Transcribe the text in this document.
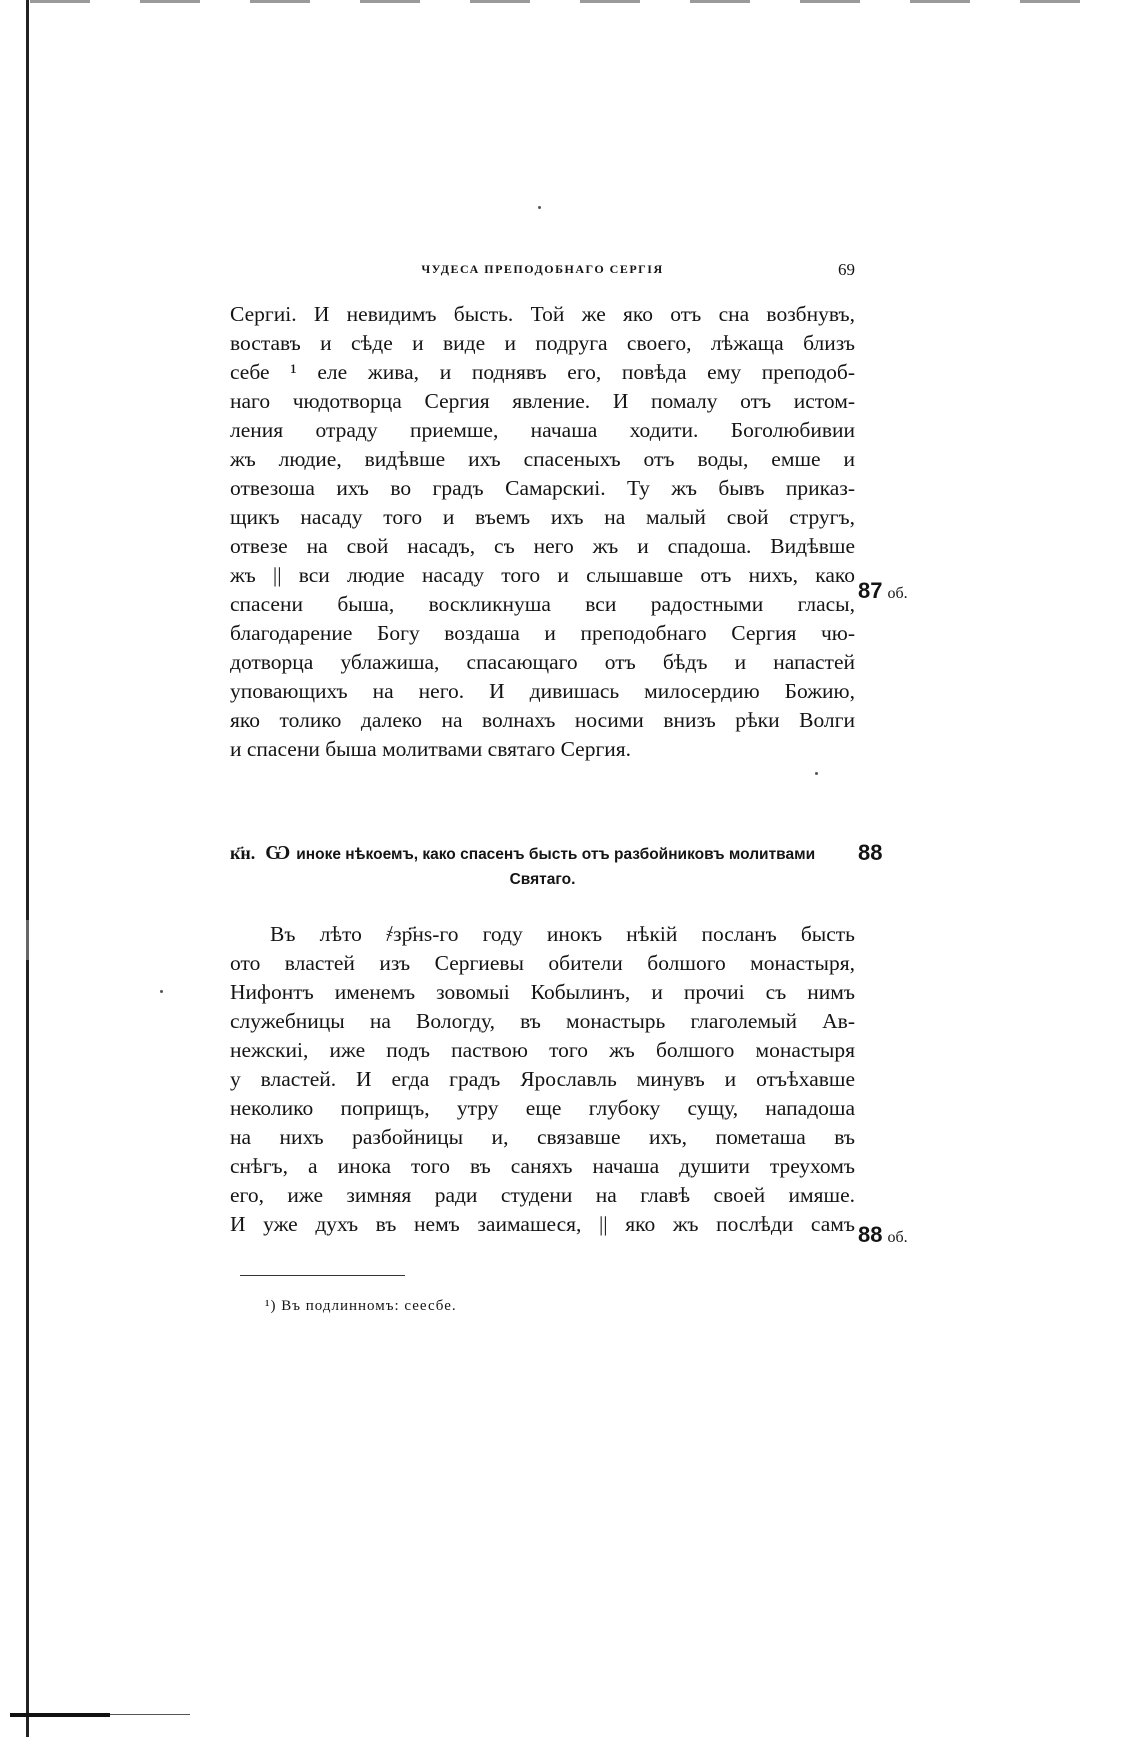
ЧУДЕСА ПРЕПОДОБНАГО СЕРГІЯ	69
Сергиі. И невидимъ бысть. Той же яко отъ сна возбнувъ,
воставъ и сѣде и виде и подруга своего, лѣжаща близъ
себе ¹ еле жива, и поднявъ его, повѣда ему преподоб-
наго чюдотворца Сергия явление. И помалу отъ истом-
ления отраду приемше, начаша ходити. Боголюбивии
жъ людие, видѣвше ихъ спасеныхъ отъ воды, емше и
отвезоша ихъ во градъ Самарскиі. Ту жъ бывъ приказ-
щикъ насаду того и въемъ ихъ на малый свой стругъ,
отвезе на свой насадъ, съ него жъ и спадоша. Видѣвше
жъ || вси людие насаду того и слышавше отъ нихъ, како
спасени быша, воскликнуша вси радостными гласы,
благодарение Богу воздаша и преподобнаго Сергия чю-
дотворца ублажиша, спасающаго отъ бѣдъ и напастей
уповающихъ на него. И дивишась милосердию Божию,
яко толико далеко на волнахъ носими внизъ рѣки Волги
и спасени быша молитвами святаго Сергия.
87 об.
к҃н. Ѡ иноке нѣкоемъ, како спасенъ бысть отъ разбойниковъ молитвами
Святаго.
88
Въ лѣто ҂зр҃нѕ-го году инокъ нѣкій посланъ бысть
ото властей изъ Сергиевы обители болшого монастыря,
Нифонтъ именемъ зовомыі Кобылинъ, и прочиі съ нимъ
служебницы на Вологду, въ монастырь глаголемый Ав-
нежскиі, иже подъ паствою того жъ болшого монастыря
у властей. И егда градъ Ярославль минувъ и отъѣхавше
неколико поприщъ, утру еще глубоку сущу, нападоша
на нихъ разбойницы и, связавше ихъ, пометаша въ
снѣгъ, а инока того въ саняхъ начаша душити треухомъ
его, иже зимняя ради студени на главѣ своей имяше.
И уже духъ въ немъ заимашеся, || яко жъ послѣди самъ 88 об.
¹) Въ подлинномъ: сеесбе.
